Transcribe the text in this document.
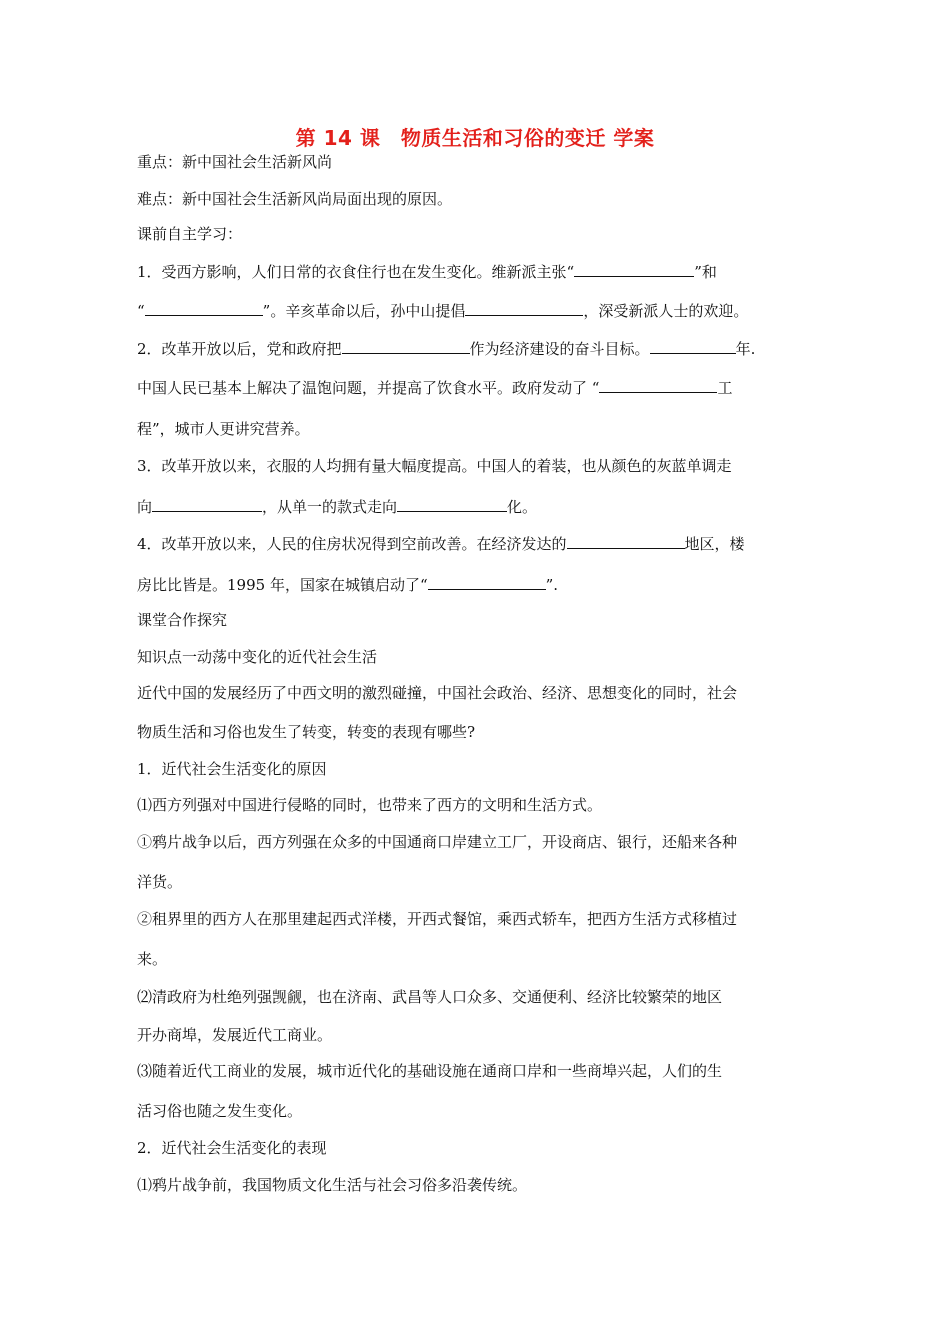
第 14 课　物质生活和习俗的变迁 学案
重点：新中国社会生活新风尚
难点：新中国社会生活新风尚局面出现的原因。
课前自主学习：
1．受西方影响，人们日常的衣食住行也在发生变化。维新派主张“	”和
“	”。辛亥革命以后，孙中山提倡	，深受新派人士的欢迎。
2．改革开放以后，党和政府把	作为经济建设的奋斗目标。	年.
中国人民已基本上解决了温饱问题，并提高了饮食水平。政府发动了 “	工
程”，城市人更讲究营养。
3．改革开放以来，衣服的人均拥有量大幅度提高。中国人的着装，也从颜色的灰蓝单调走
向	，从单一的款式走向	化。
4．改革开放以来，人民的住房状况得到空前改善。在经济发达的	地区，楼
房比比皆是。1995 年，国家在城镇启动了“	”.
课堂合作探究
知识点一动荡中变化的近代社会生活
近代中国的发展经历了中西文明的激烈碰撞，中国社会政治、经济、思想变化的同时，社会
物质生活和习俗也发生了转变，转变的表现有哪些?
1．近代社会生活变化的原因
⑴西方列强对中国进行侵略的同时，也带来了西方的文明和生活方式。
①鸦片战争以后，西方列强在众多的中国通商口岸建立工厂，开设商店、银行，还船来各种
洋货。
②租界里的西方人在那里建起西式洋楼，开西式餐馆，乘西式轿车，把西方生活方式移植过
来。
⑵清政府为杜绝列强觊觎，也在济南、武昌等人口众多、交通便利、经济比较繁荣的地区
开办商埠，发展近代工商业。
⑶随着近代工商业的发展，城市近代化的基础设施在通商口岸和一些商埠兴起，人们的生
活习俗也随之发生变化。
2．近代社会生活变化的表现
⑴鸦片战争前，我国物质文化生活与社会习俗多沿袭传统。
